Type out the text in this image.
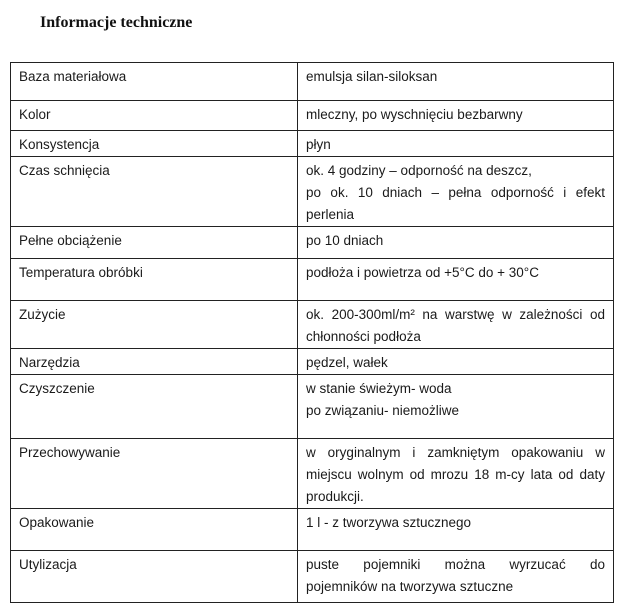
Informacje techniczne
Baza materiałowa	emulsja silan-siloksan

Kolor	mleczny, po wyschnięciu bezbarwny

Konsystencja	płyn

Czas schnięcia	ok. 4 godziny – odporność na deszcz,
po ok. 10 dniach – pełna odporność i efekt
perlenia

Pełne obciążenie	po 10 dniach

Temperatura obróbki	podłoża i powietrza od +5°C do + 30°C

Zużycie	ok. 200-300ml/m² na warstwę w zależności od
chłonności podłoża

Narzędzia	pędzel, wałek

Czyszczenie	w stanie świeżym- woda
po związaniu- niemożliwe

Przechowywanie	w oryginalnym i zamkniętym opakowaniu w
miejscu wolnym od mrozu 18 m-cy lata od daty
produkcji.

Opakowanie	1 l - z tworzywa sztucznego

Utylizacja	puste pojemniki można wyrzucać do
pojemników na tworzywa sztuczne
